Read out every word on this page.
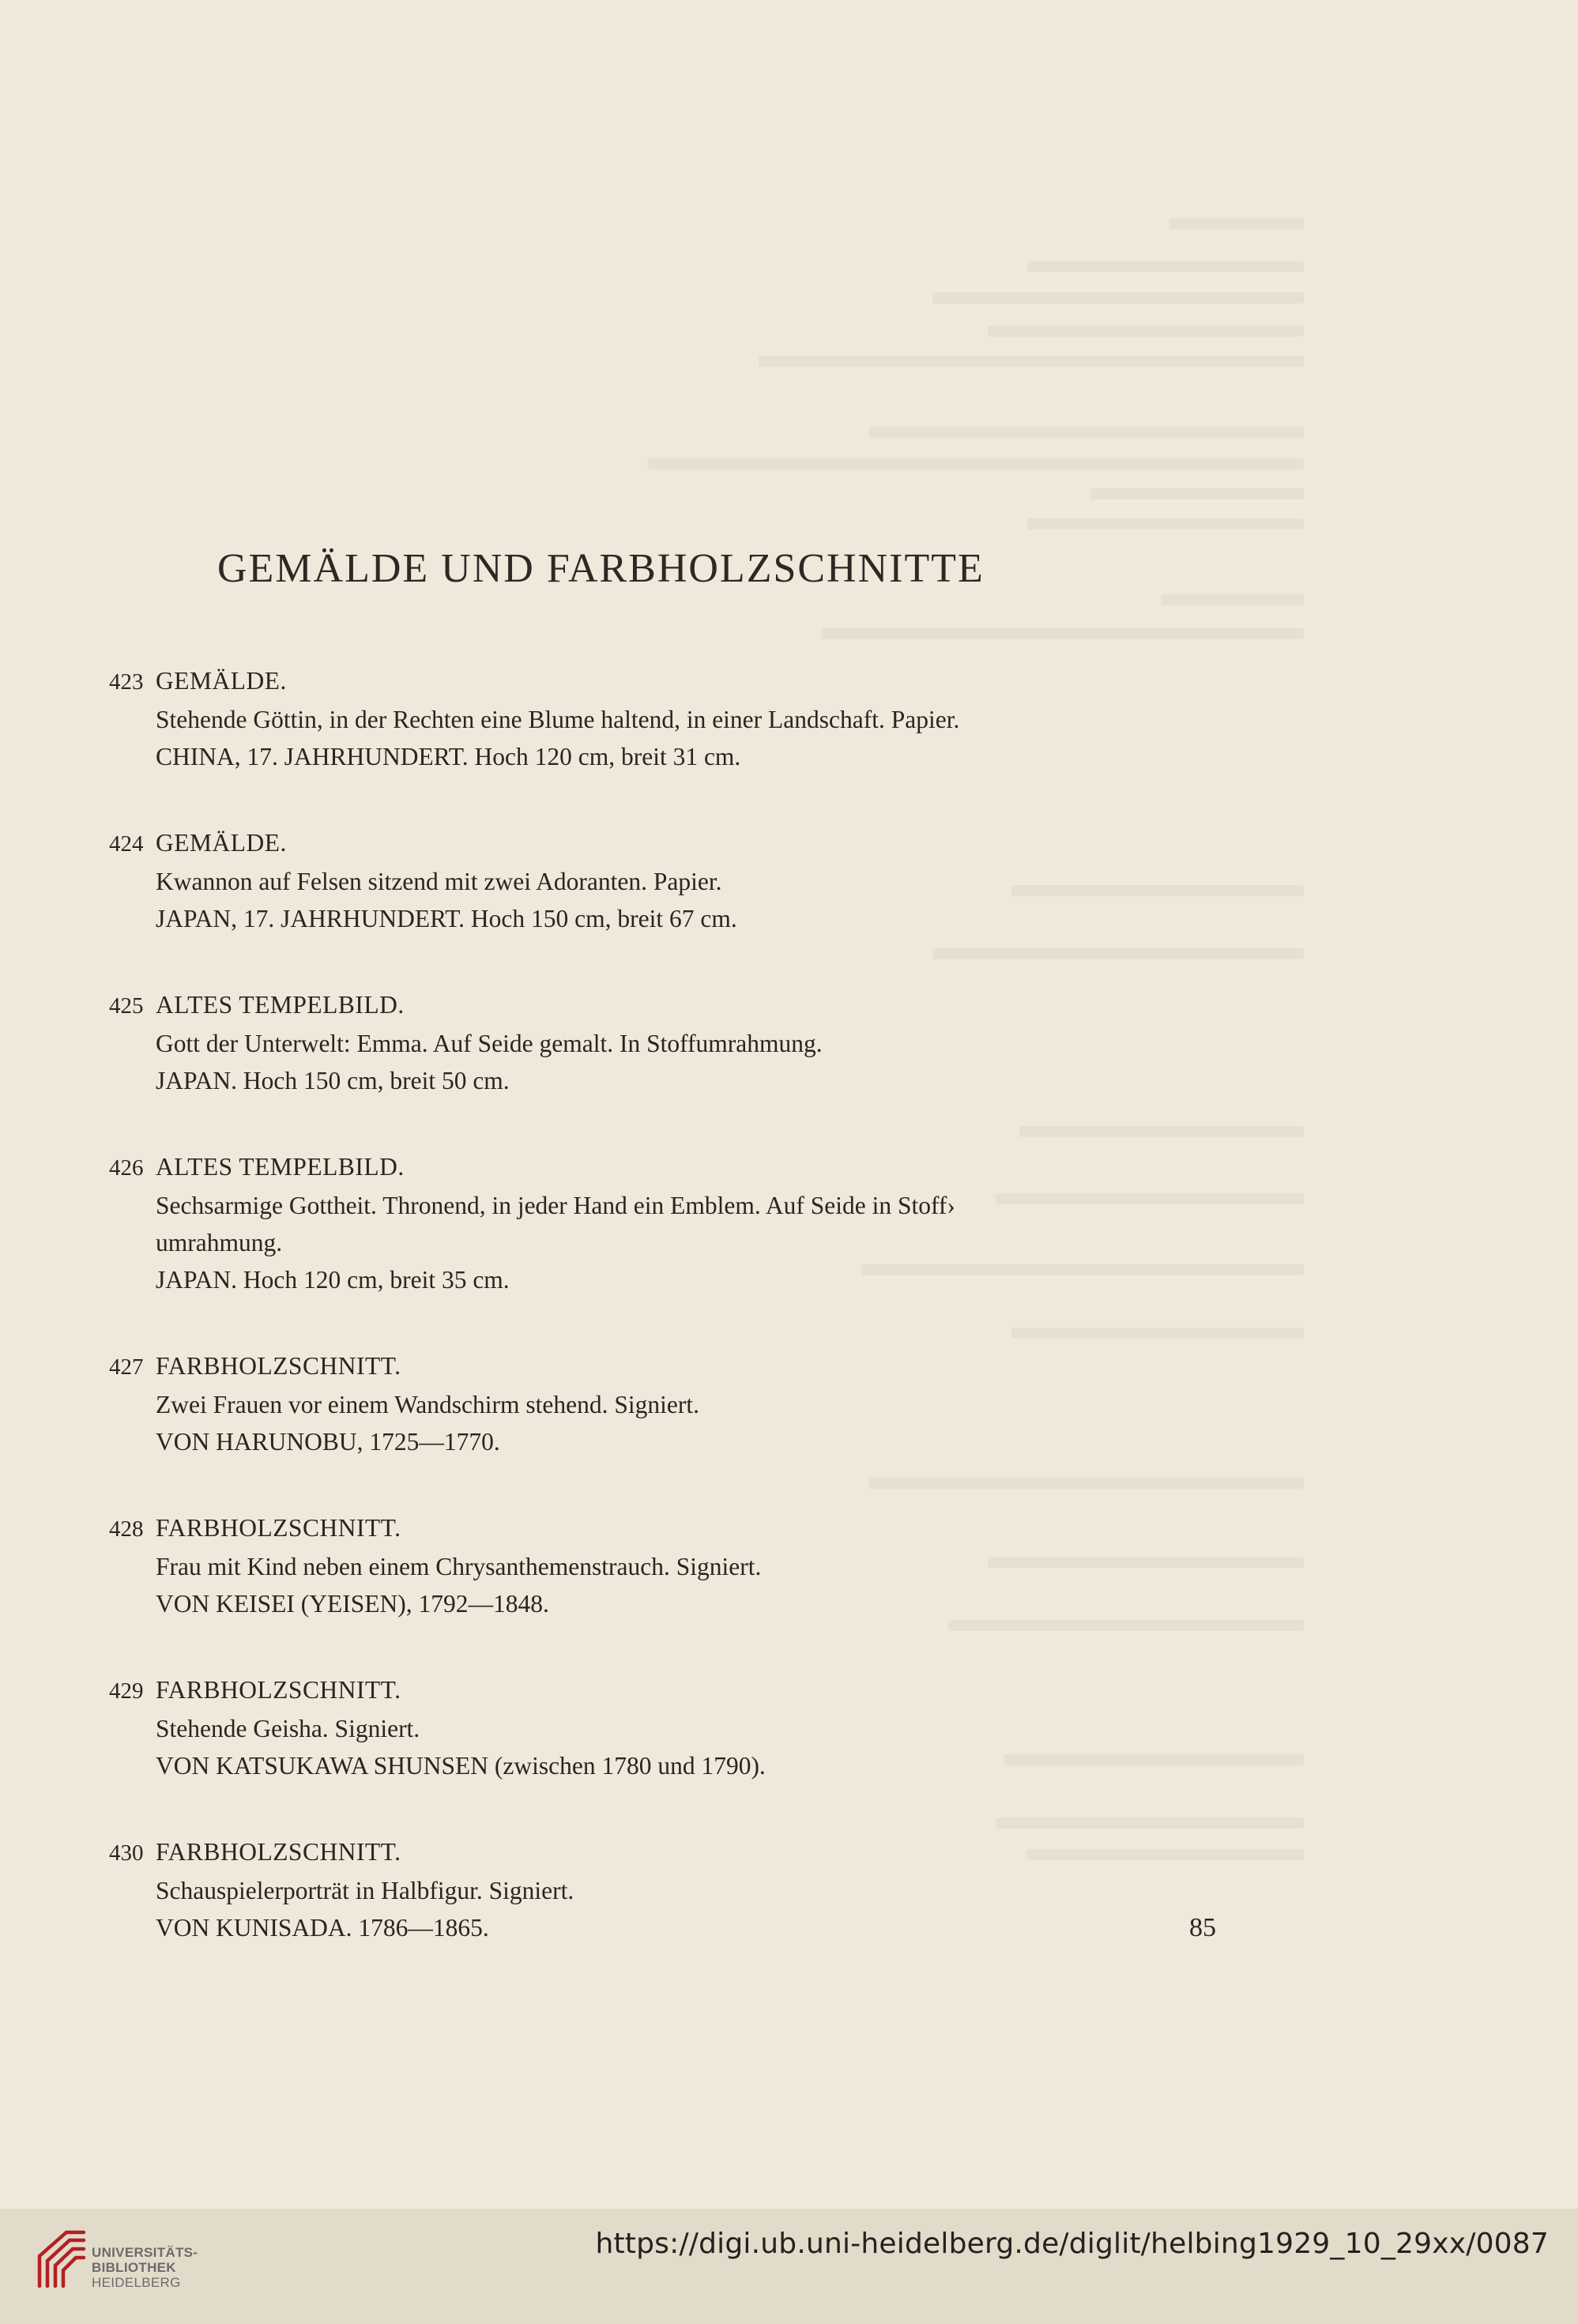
GEMÄLDE UND FARBHOLZSCHNITTE
423 GEMÄLDE.

Stehende Göttin, in der Rechten eine Blume haltend, in einer Landschaft. Papier.

CHINA, 17. JAHRHUNDERT. Hoch 120 cm, breit 31 cm.

424 GEMÄLDE.

Kwannon auf Felsen sitzend mit zwei Adoranten. Papier.

JAPAN, 17. JAHRHUNDERT. Hoch 150 cm, breit 67 cm.

425 ALTES TEMPELBILD.

Gott der Unterwelt: Emma. Auf Seide gemalt. In Stoffumrahmung.

JAPAN. Hoch 150 cm, breit 50 cm.

426 ALTES TEMPELBILD.

Sechsarmige Gottheit. Thronend, in jeder Hand ein Emblem. Auf Seide in Stoff›

umrahmung.

JAPAN. Hoch 120 cm, breit 35 cm.

427 FARBHOLZSCHNITT.

Zwei Frauen vor einem Wandschirm stehend. Signiert.

VON HARUNOBU, 1725—1770.

428 FARBHOLZSCHNITT.

Frau mit Kind neben einem Chrysanthemenstrauch. Signiert.

VON KEISEI (YEISEN), 1792—1848.

429 FARBHOLZSCHNITT.

Stehende Geisha. Signiert.

VON KATSUKAWA SHUNSEN (zwischen 1780 und 1790).

430 FARBHOLZSCHNITT.

Schauspielerporträt in Halbfigur. Signiert.

VON KUNISADA. 1786—1865.	85
UNIVERSITÄTS-
BIBLIOTHEK
HEIDELBERG
https://digi.ub.uni-heidelberg.de/diglit/helbing1929_10_29xx/0087
